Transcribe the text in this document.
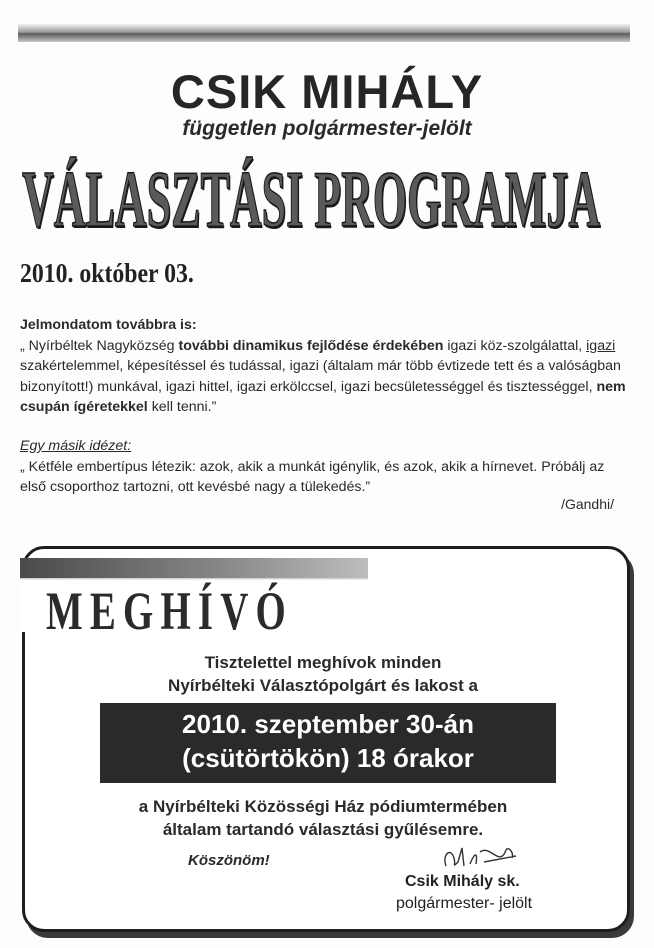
CSIK MIHÁLY
független polgármester-jelölt
VÁLASZTÁSI PROGRAMJA
2010. október 03.
Jelmondatom továbbra is:
„ Nyírbéltek Nagyközség további dinamikus fejlődése érdekében igazi köz-szolgálattal, igazi szakértelemmel, képesítéssel és tudással, igazi (általam már több évtizede tett és a valóságban bizonyított!) munkával, igazi hittel, igazi erkölccsel, igazi becsületességgel és tisztességgel, nem csupán ígéretekkel kell tenni.”
Egy másik idézet:
„ Kétféle embertípus létezik: azok, akik a munkát igénylik, és azok, akik a hírnevet. Próbálj az első csoporthoz tartozni, ott kevésbé nagy a tülekedés.”
/Gandhi/
MEGHÍVÓ
Tisztelettel meghívok minden
Nyírbélteki Választópolgárt és lakost a
2010. szeptember 30-án
(csütörtökön) 18 órakor
a Nyírbélteki Közösségi Ház pódiumtermében
általam tartandó választási gyűlésemre.
Köszönöm!
Csik Mihály sk.
polgármester- jelölt
